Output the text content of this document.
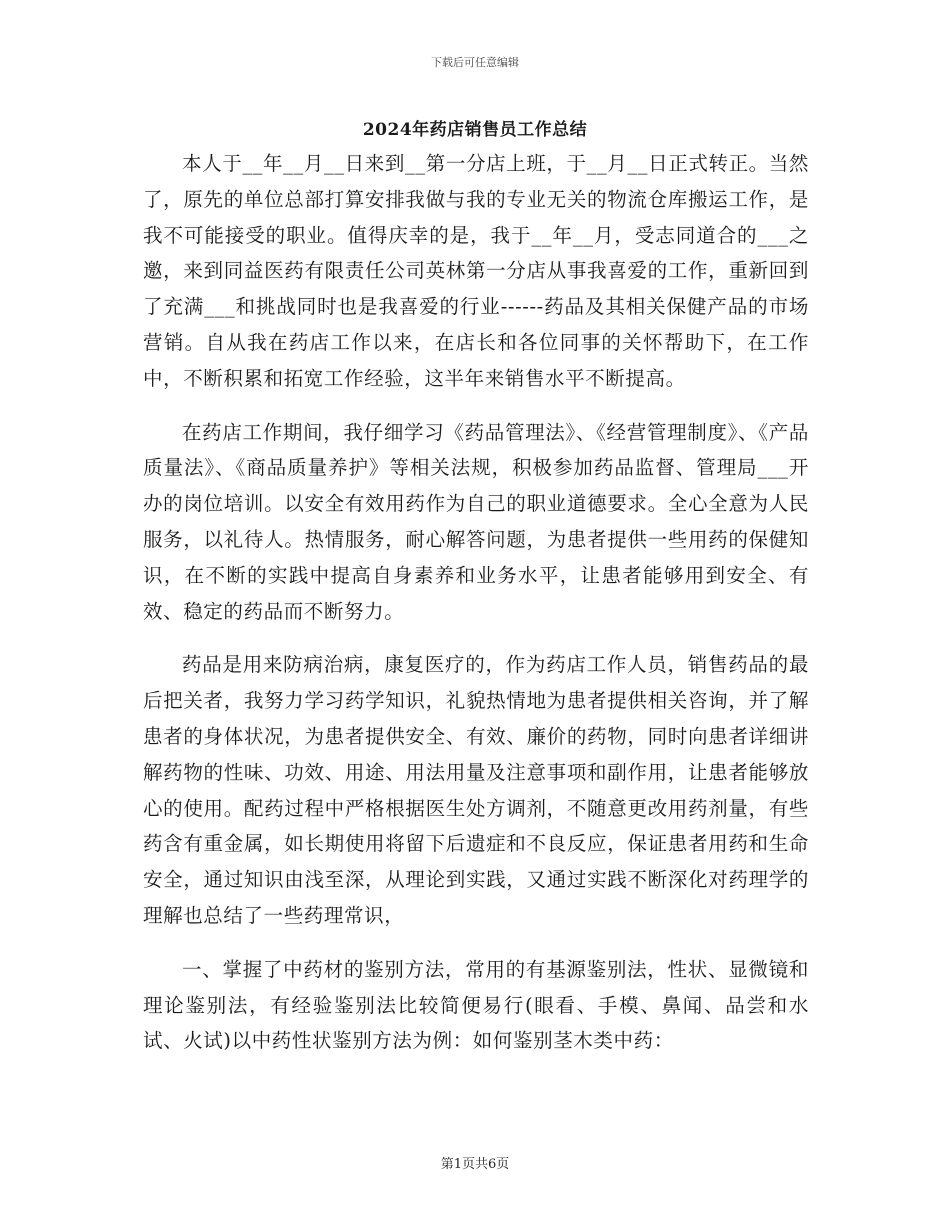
下载后可任意编辑
2024年药店销售员工作总结

本人于__年__月__日来到__第一分店上班，于__月__日正式转正。当然了，原先的单位总部打算安排我做与我的专业无关的物流仓库搬运工作，是我不可能接受的职业。值得庆幸的是，我于__年__月，受志同道合的___之邀，来到同益医药有限责任公司英林第一分店从事我喜爱的工作，重新回到了充满___和挑战同时也是我喜爱的行业------药品及其相关保健产品的市场营销。自从我在药店工作以来，在店长和各位同事的关怀帮助下，在工作中，不断积累和拓宽工作经验，这半年来销售水平不断提高。

在药店工作期间，我仔细学习《药品管理法》、《经营管理制度》、《产品质量法》、《商品质量养护》等相关法规，积极参加药品监督、管理局___开办的岗位培训。以安全有效用药作为自己的职业道德要求。全心全意为人民服务，以礼待人。热情服务，耐心解答问题，为患者提供一些用药的保健知识，在不断的实践中提高自身素养和业务水平，让患者能够用到安全、有效、稳定的药品而不断努力。

药品是用来防病治病，康复医疗的，作为药店工作人员，销售药品的最后把关者，我努力学习药学知识，礼貌热情地为患者提供相关咨询，并了解患者的身体状况，为患者提供安全、有效、廉价的药物，同时向患者详细讲解药物的性味、功效、用途、用法用量及注意事项和副作用，让患者能够放心的使用。配药过程中严格根据医生处方调剂，不随意更改用药剂量，有些药含有重金属，如长期使用将留下后遗症和不良反应，保证患者用药和生命安全，通过知识由浅至深，从理论到实践，又通过实践不断深化对药理学的理解也总结了一些药理常识，

一、掌握了中药材的鉴别方法，常用的有基源鉴别法，性状、显微镜和理论鉴别法，有经验鉴别法比较简便易行(眼看、手模、鼻闻、品尝和水试、火试)以中药性状鉴别方法为例：如何鉴别茎木类中药：

第1页共6页
